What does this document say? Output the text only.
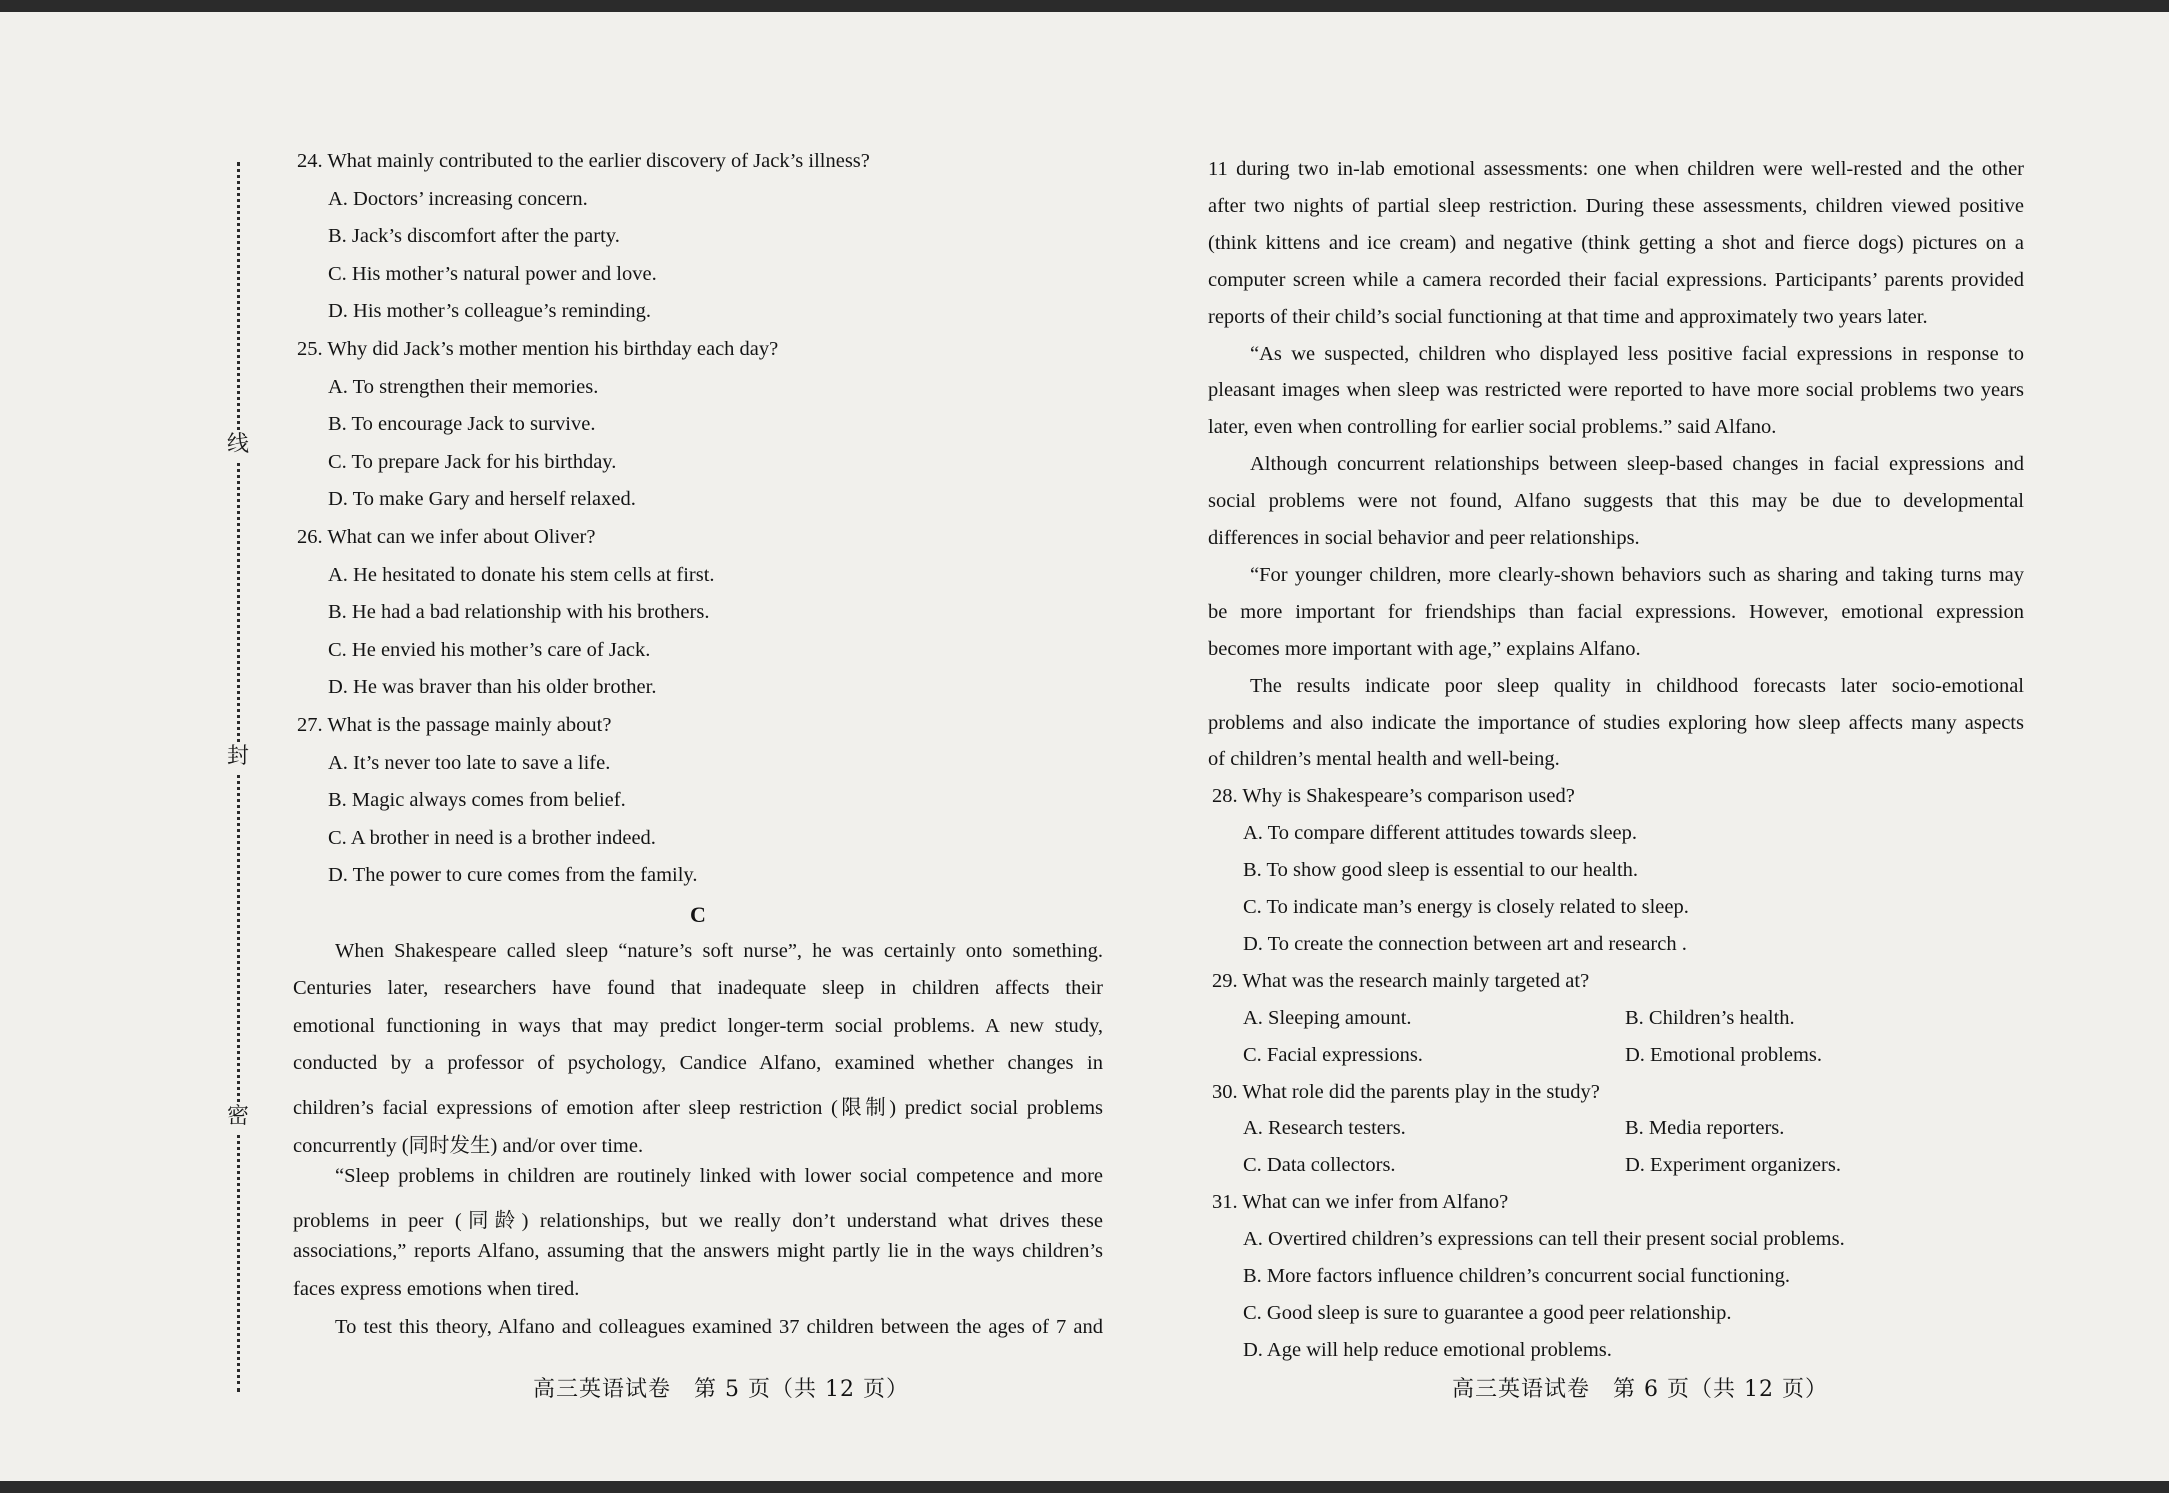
线
封
密
24. What mainly contributed to the earlier discovery of Jack’s illness?
A. Doctors’ increasing concern.
B. Jack’s discomfort after the party.
C. His mother’s natural power and love.
D. His mother’s colleague’s reminding.
25. Why did Jack’s mother mention his birthday each day?
A. To strengthen their memories.
B. To encourage Jack to survive.
C. To prepare Jack for his birthday.
D. To make Gary and herself relaxed.
26. What can we infer about Oliver?
A. He hesitated to donate his stem cells at first.
B. He had a bad relationship with his brothers.
C. He envied his mother’s care of Jack.
D. He was braver than his older brother.
27. What is the passage mainly about?
A. It’s never too late to save a life.
B. Magic always comes from belief.
C. A brother in need is a brother indeed.
D. The power to cure comes from the family.
C
When Shakespeare called sleep “nature’s soft nurse”, he was certainly onto something.
Centuries later, researchers have found that inadequate sleep in children affects their
emotional functioning in ways that may predict longer-term social problems. A new study,
conducted by a professor of psychology, Candice Alfano, examined whether changes in
children’s facial expressions of emotion after sleep restriction (限制) predict social problems
concurrently (同时发生) and/or over time.
“Sleep problems in children are routinely linked with lower social competence and more
problems in peer (同龄) relationships, but we really don’t understand what drives these
associations,” reports Alfano, assuming that the answers might partly lie in the ways children’s
faces express emotions when tired.
To test this theory, Alfano and colleagues examined 37 children between the ages of 7 and
高三英语试卷　第 5 页（共 12 页）
11 during two in-lab emotional assessments: one when children were well-rested and the other
after two nights of partial sleep restriction. During these assessments, children viewed positive
(think kittens and ice cream) and negative (think getting a shot and fierce dogs) pictures on a
computer screen while a camera recorded their facial expressions. Participants’ parents provided
reports of their child’s social functioning at that time and approximately two years later.
“As we suspected, children who displayed less positive facial expressions in response to
pleasant images when sleep was restricted were reported to have more social problems two years
later, even when controlling for earlier social problems.” said Alfano.
Although concurrent relationships between sleep-based changes in facial expressions and
social problems were not found, Alfano suggests that this may be due to developmental
differences in social behavior and peer relationships.
“For younger children, more clearly-shown behaviors such as sharing and taking turns may
be more important for friendships than facial expressions. However, emotional expression
becomes more important with age,” explains Alfano.
The results indicate poor sleep quality in childhood forecasts later socio-emotional
problems and also indicate the importance of studies exploring how sleep affects many aspects
of children’s mental health and well-being.
28. Why is Shakespeare’s comparison used?
A. To compare different attitudes towards sleep.
B. To show good sleep is essential to our health.
C. To indicate man’s energy is closely related to sleep.
D. To create the connection between art and research .
29. What was the research mainly targeted at?
A. Sleeping amount.	B. Children’s health.
C. Facial expressions.	D. Emotional problems.
30. What role did the parents play in the study?
A. Research testers.	B. Media reporters.
C. Data collectors.	D. Experiment organizers.
31. What can we infer from Alfano?
A. Overtired children’s expressions can tell their present social problems.
B. More factors influence children’s concurrent social functioning.
C. Good sleep is sure to guarantee a good peer relationship.
D. Age will help reduce emotional problems.
高三英语试卷　第 6 页（共 12 页）
